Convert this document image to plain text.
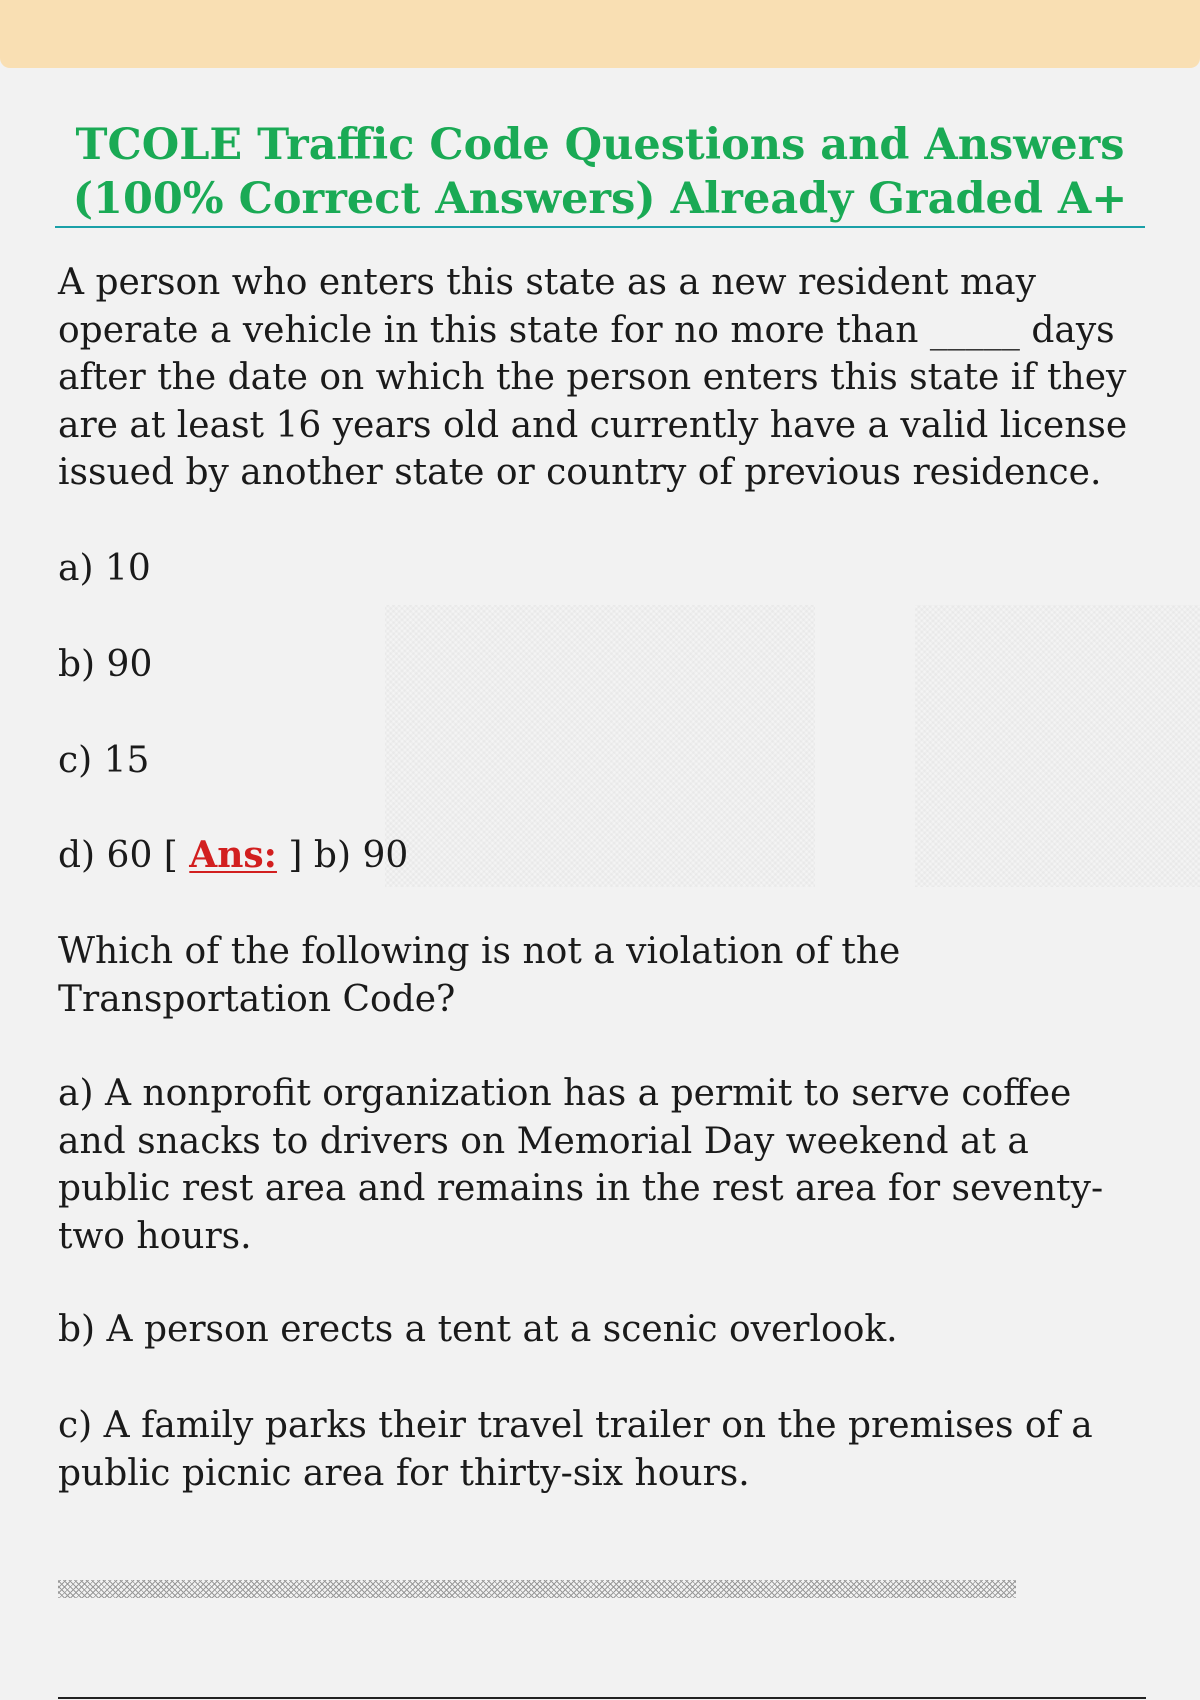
TCOLE Traffic Code Questions and Answers
(100% Correct Answers) Already Graded A+

A person who enters this state as a new resident may
operate a vehicle in this state for no more than _____ days
after the date on which the person enters this state if they
are at least 16 years old and currently have a valid license
issued by another state or country of previous residence.

a) 10

b) 90

c) 15

d) 60 [ Ans: ] b) 90

Which of the following is not a violation of the
Transportation Code?

a) A nonprofit organization has a permit to serve coffee
and snacks to drivers on Memorial Day weekend at a
public rest area and remains in the rest area for seventy-
two hours.

b) A person erects a tent at a scenic overlook.

c) A family parks their travel trailer on the premises of a
public picnic area for thirty-six hours.
